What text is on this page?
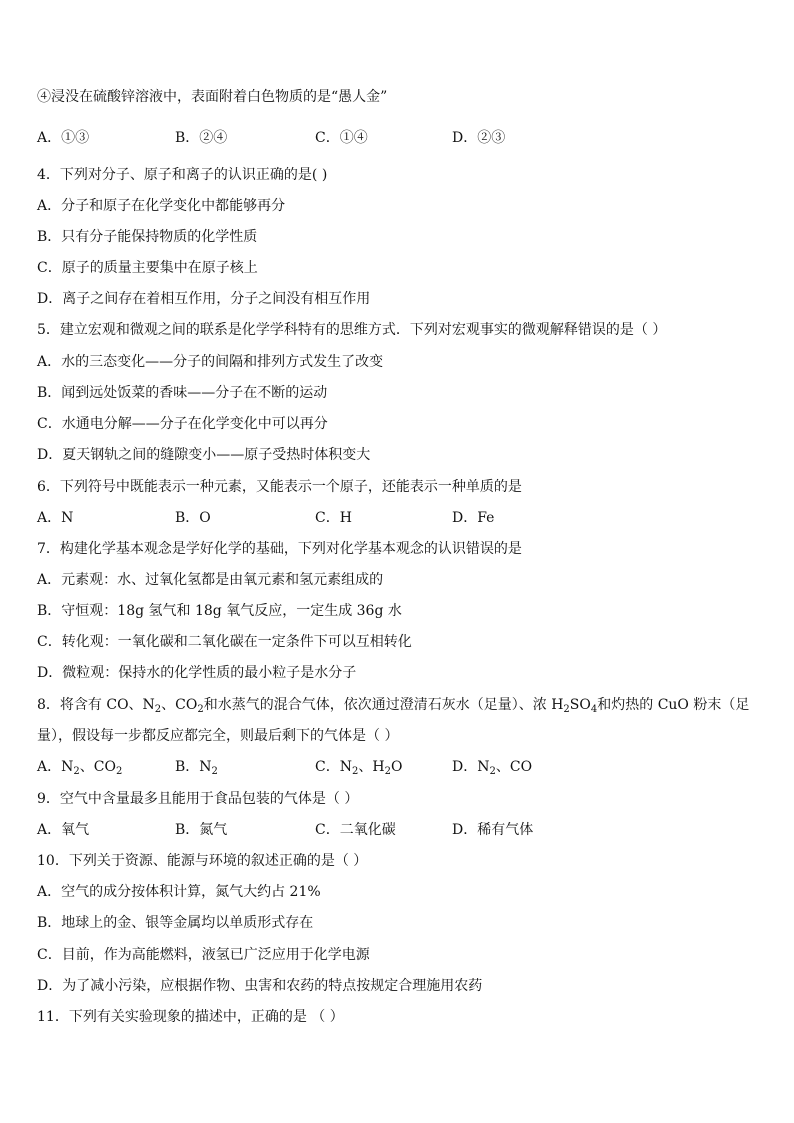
④浸没在硫酸锌溶液中，表面附着白色物质的是“愚人金”
A．①③	B．②④	C．①④	D．②③
4．下列对分子、原子和离子的认识正确的是( )
A．分子和原子在化学变化中都能够再分
B．只有分子能保持物质的化学性质
C．原子的质量主要集中在原子核上
D．离子之间存在着相互作用，分子之间没有相互作用
5．建立宏观和微观之间的联系是化学学科特有的思维方式．下列对宏观事实的微观解释错误的是（ ）
A．水的三态变化——分子的间隔和排列方式发生了改变
B．闻到远处饭菜的香味——分子在不断的运动
C．水通电分解——分子在化学变化中可以再分
D．夏天钢轨之间的缝隙变小——原子受热时体积变大
6．下列符号中既能表示一种元素，又能表示一个原子，还能表示一种单质的是
A．N	B．O	C．H	D．Fe
7．构建化学基本观念是学好化学的基础，下列对化学基本观念的认识错误的是
A．元素观：水、过氧化氢都是由氧元素和氢元素组成的
B．守恒观：18g 氢气和 18g 氧气反应，一定生成 36g 水
C．转化观：一氧化碳和二氧化碳在一定条件下可以互相转化
D．微粒观：保持水的化学性质的最小粒子是水分子
8．将含有 CO、$N_2$、$CO_2$和水蒸气的混合气体，依次通过澄清石灰水（足量）、浓 $H_2SO_4$和灼热的 CuO 粉末（足
量），假设每一步都反应都完全，则最后剩下的气体是（ ）
A．$N_2$、$CO_2$	B．$N_2$	C．$N_2$、$H_2O$	D．$N_2$、CO
9．空气中含量最多且能用于食品包装的气体是（ ）
A．氧气	B．氮气	C．二氧化碳	D．稀有气体
10．下列关于资源、能源与环境的叙述正确的是（ ）
A．空气的成分按体积计算，氮气大约占 21%
B．地球上的金、银等金属均以单质形式存在
C．目前，作为高能燃料，液氢已广泛应用于化学电源
D．为了减小污染，应根据作物、虫害和农药的特点按规定合理施用农药
11．下列有关实验现象的描述中，正确的是 （ ）
